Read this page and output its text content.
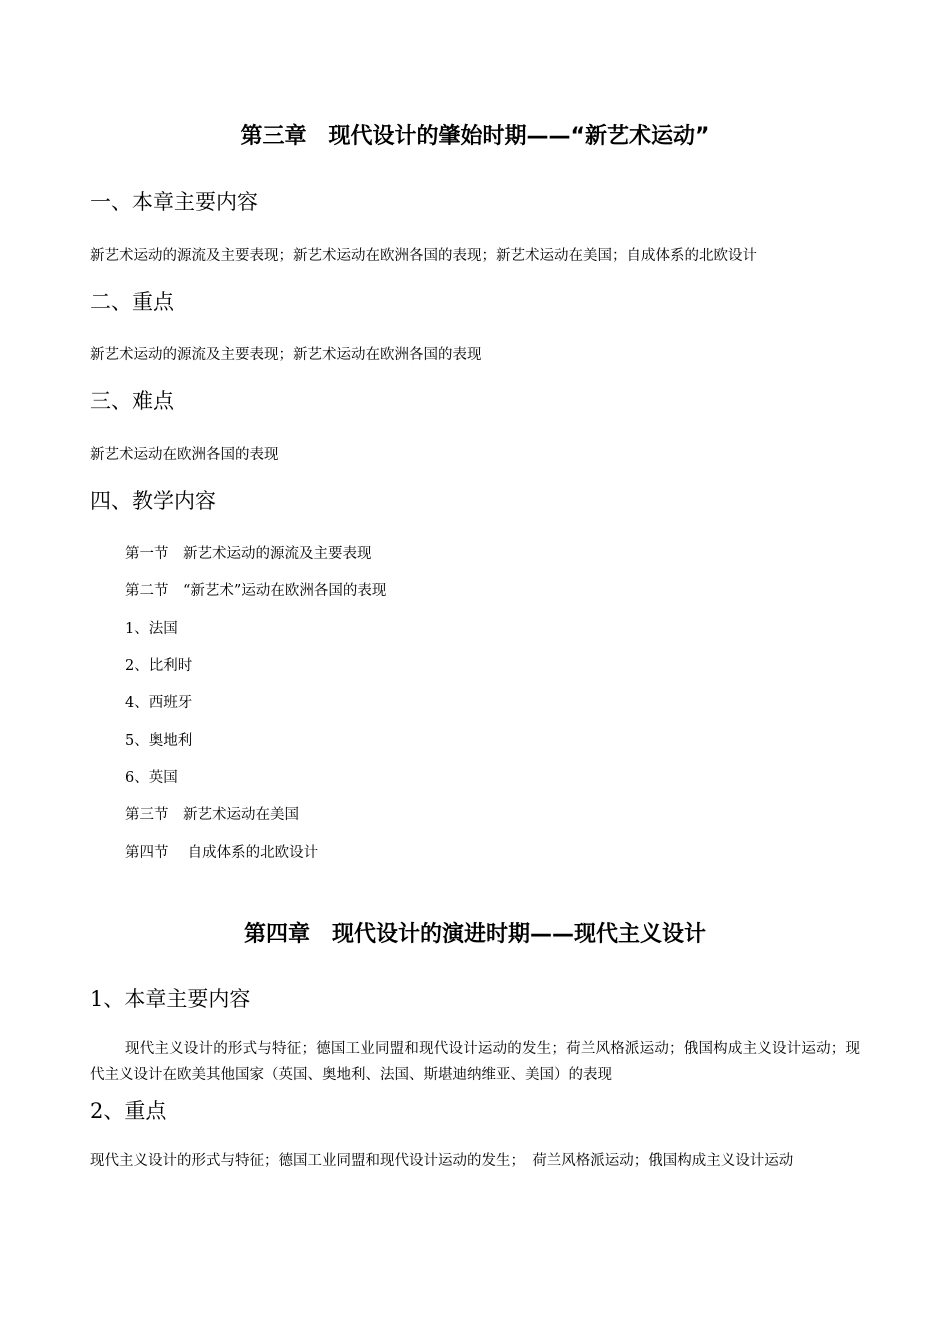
第三章　现代设计的肇始时期——“新艺术运动”
一、本章主要内容
新艺术运动的源流及主要表现；新艺术运动在欧洲各国的表现；新艺术运动在美国；自成体系的北欧设计
二、重点
新艺术运动的源流及主要表现；新艺术运动在欧洲各国的表现
三、难点
新艺术运动在欧洲各国的表现
四、教学内容
第一节　新艺术运动的源流及主要表现
第二节　“新艺术”运动在欧洲各国的表现
1、法国
2、比利时
4、西班牙
5、奥地利
6、英国
第三节　新艺术运动在美国
第四节　 自成体系的北欧设计
第四章　现代设计的演进时期——现代主义设计
1、本章主要内容
现代主义设计的形式与特征；德国工业同盟和现代设计运动的发生；荷兰风格派运动；俄国构成主义设计运动；现代主义设计在欧美其他国家（英国、奥地利、法国、斯堪迪纳维亚、美国）的表现
2、重点
现代主义设计的形式与特征；德国工业同盟和现代设计运动的发生；　荷兰风格派运动；俄国构成主义设计运动
